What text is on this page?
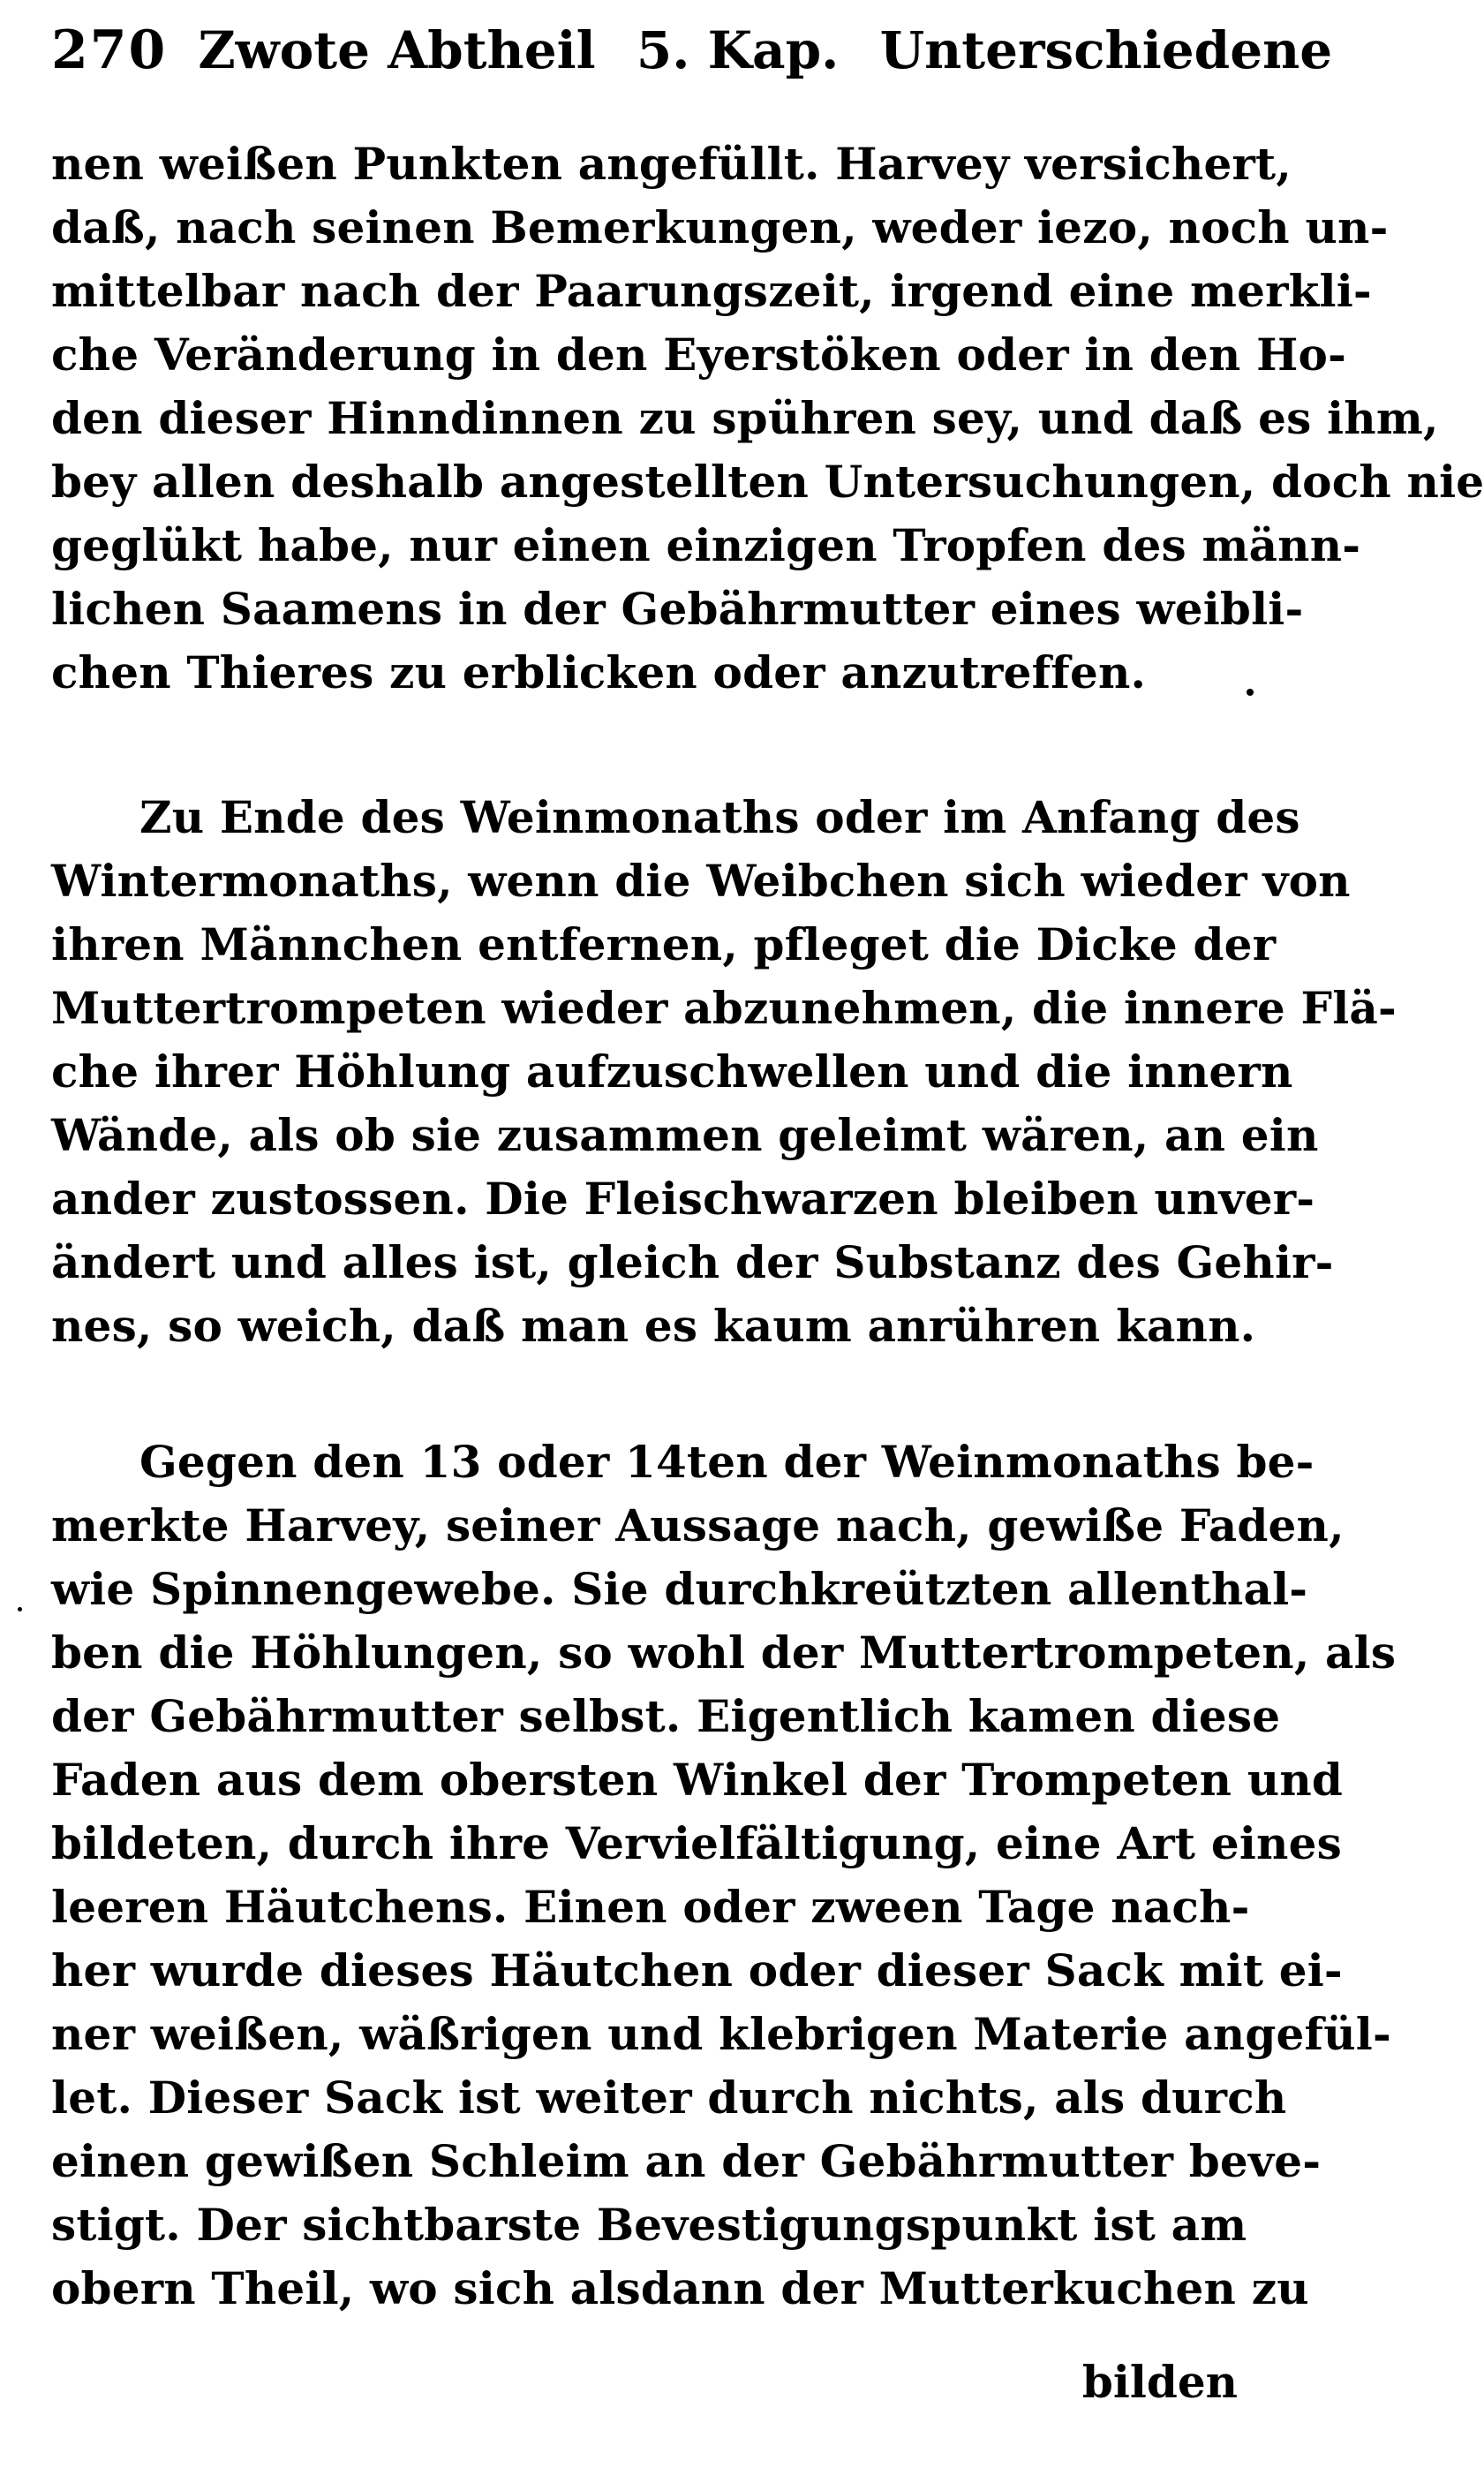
270 Zwote Abtheil 5. Kap. Unterschiedene
nen weißen Punkten angefüllt. Harvey versichert,
daß, nach seinen Bemerkungen, weder iezo, noch un-
mittelbar nach der Paarungszeit, irgend eine merkli-
che Veränderung in den Eyerstöken oder in den Ho-
den dieser Hinndinnen zu spühren sey, und daß es ihm,
bey allen deshalb angestellten Untersuchungen, doch nie
geglükt habe, nur einen einzigen Tropfen des männ-
lichen Saamens in der Gebährmutter eines weibli-
chen Thieres zu erblicken oder anzutreffen.
Zu Ende des Weinmonaths oder im Anfang des
Wintermonaths, wenn die Weibchen sich wieder von
ihren Männchen entfernen, pfleget die Dicke der
Muttertrompeten wieder abzunehmen, die innere Flä-
che ihrer Höhlung aufzuschwellen und die innern
Wände, als ob sie zusammen geleimt wären, an ein
ander zustossen. Die Fleischwarzen bleiben unver-
ändert und alles ist, gleich der Substanz des Gehir-
nes, so weich, daß man es kaum anrühren kann.
Gegen den 13 oder 14ten der Weinmonaths be-
merkte Harvey, seiner Aussage nach, gewiße Faden,
wie Spinnengewebe. Sie durchkreützten allenthal-
ben die Höhlungen, so wohl der Muttertrompeten, als
der Gebährmutter selbst. Eigentlich kamen diese
Faden aus dem obersten Winkel der Trompeten und
bildeten, durch ihre Vervielfältigung, eine Art eines
leeren Häutchens. Einen oder zween Tage nach-
her wurde dieses Häutchen oder dieser Sack mit ei-
ner weißen, wäßrigen und klebrigen Materie angefül-
let. Dieser Sack ist weiter durch nichts, als durch
einen gewißen Schleim an der Gebährmutter beve-
stigt. Der sichtbarste Bevestigungspunkt ist am
obern Theil, wo sich alsdann der Mutterkuchen zu
bilden
